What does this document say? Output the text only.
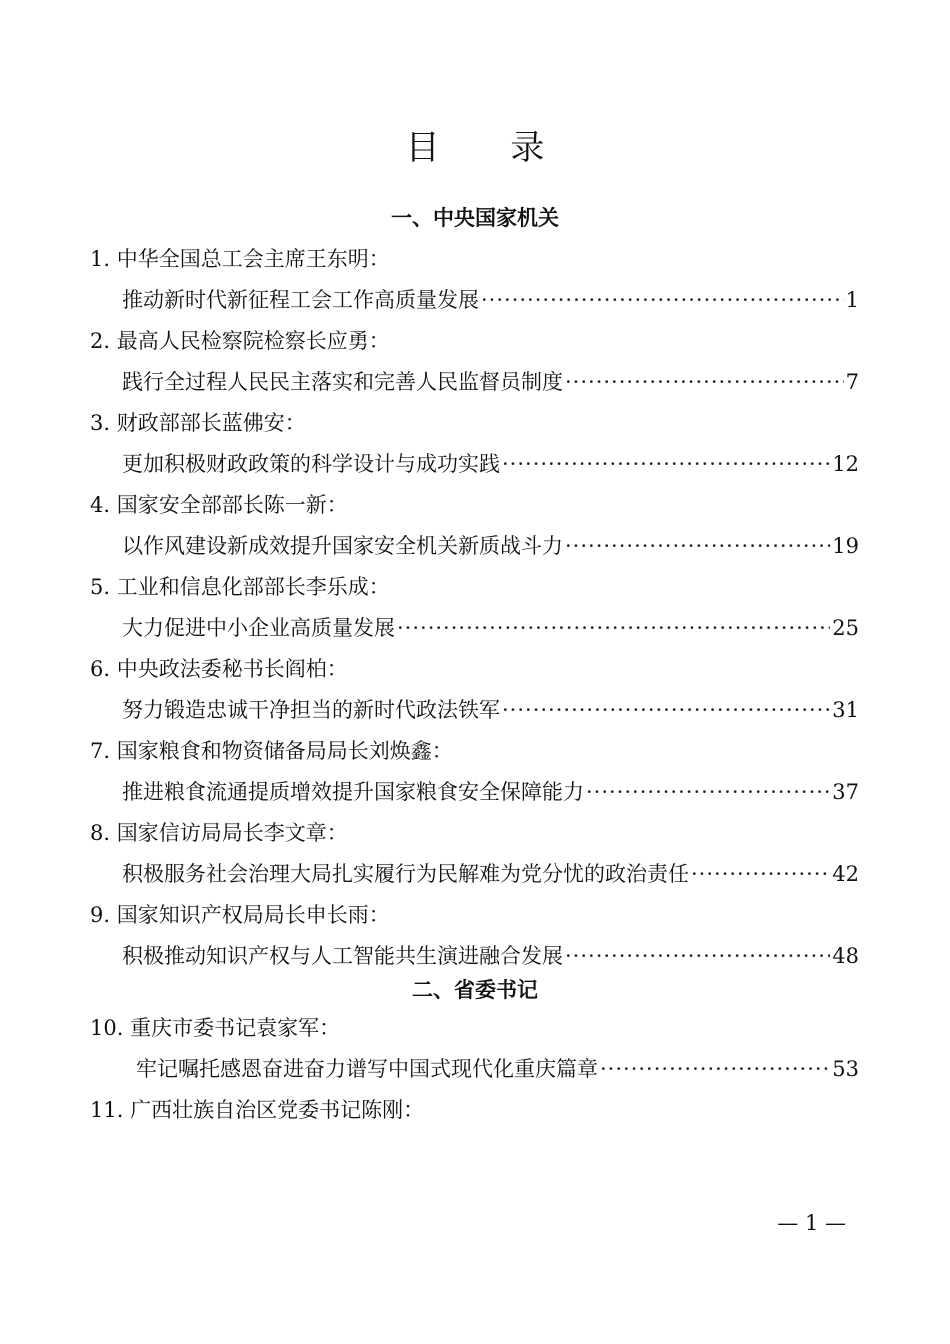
目 录
一、中央国家机关
1. 中华全国总工会主席王东明：
推动新时代新征程工会工作高质量发展 ·····	1
2. 最高人民检察院检察长应勇：
践行全过程人民民主落实和完善人民监督员制度 ·····	7
3. 财政部部长蓝佛安：
更加积极财政政策的科学设计与成功实践 ·····	12
4. 国家安全部部长陈一新：
以作风建设新成效提升国家安全机关新质战斗力 ·····	19
5. 工业和信息化部部长李乐成：
大力促进中小企业高质量发展 ·····	25
6. 中央政法委秘书长阎柏：
努力锻造忠诚干净担当的新时代政法铁军 ·····	31
7. 国家粮食和物资储备局局长刘焕鑫：
推进粮食流通提质增效提升国家粮食安全保障能力 ·····	37
8. 国家信访局局长李文章：
积极服务社会治理大局扎实履行为民解难为党分忧的政治责任 ·····	42
9. 国家知识产权局局长申长雨：
积极推动知识产权与人工智能共生演进融合发展 ·····	48
二、省委书记
10. 重庆市委书记袁家军：
牢记嘱托感恩奋进奋力谱写中国式现代化重庆篇章 ·····	53
11. 广西壮族自治区党委书记陈刚：
— 1 —
